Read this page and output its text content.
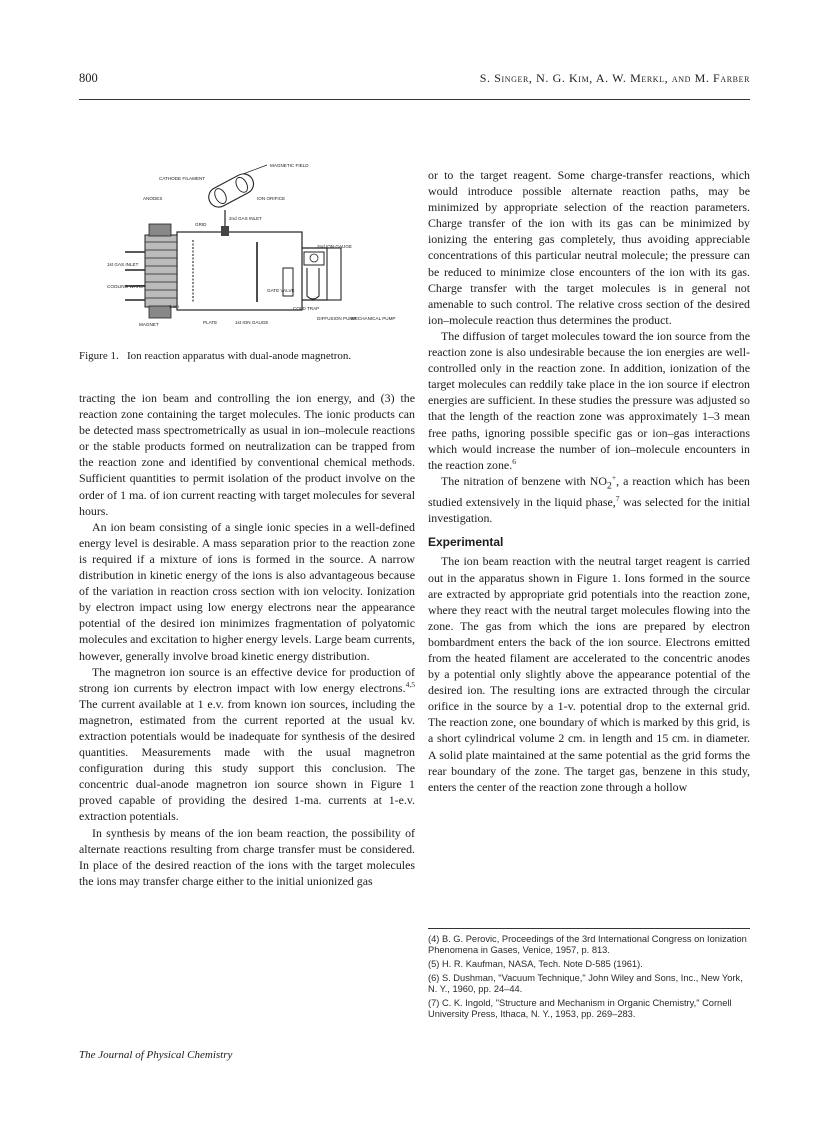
800	S. Singer, N. G. Kim, A. W. Merkl, and M. Farber
MAGNETIC FIELD
CATHODE FILAMENT
ANODES	ION ORIFICE
GRID
2nd GAS INLET
2nd ION GAUGE
1st GAS INLET
COOLING WATER
GATE VALVE
COLD TRAP
DIFFUSION PUMP
MECHANICAL PUMP
1 cm
MAGNET	PLATE	1st ION GAUGE
Figure 1. Ion reaction apparatus with dual-anode magnetron.

tracting the ion beam and controlling the ion energy, and (3) the reaction zone containing the target molecules. The ionic products can be detected mass spectrometrically as usual in ion–molecule reactions or the stable products formed on neutralization can be trapped from the reaction zone and identified by conventional chemical methods. Sufficient quantities to permit isolation of the product involve on the order of 1 ma. of ion current reacting with target molecules for several hours.

An ion beam consisting of a single ionic species in a well-defined energy level is desirable. A mass separation prior to the reaction zone is required if a mixture of ions is formed in the source. A narrow distribution in kinetic energy of the ions is also advantageous because of the variation in reaction cross section with ion velocity. Ionization by electron impact using low energy electrons near the appearance potential of the desired ion minimizes fragmentation of polyatomic molecules and excitation to higher energy levels. Large beam currents, however, generally involve broad kinetic energy distribution.

The magnetron ion source is an effective device for production of strong ion currents by electron impact with low energy electrons.$^{4,5}$ The current available at 1 e.v. from known ion sources, including the magnetron, estimated from the current reported at the usual kv. extraction potentials would be inadequate for synthesis of the desired quantities. Measurements made with the usual magnetron configuration during this study support this conclusion. The concentric dual-anode magnetron ion source shown in Figure 1 proved capable of providing the desired 1-ma. currents at 1-e.v. extraction potentials.

In synthesis by means of the ion beam reaction, the possibility of alternate reactions resulting from charge transfer must be considered. In place of the desired reaction of the ions with the target molecules the ions may transfer charge either to the initial unionized gas

or to the target reagent. Some charge-transfer reactions, which would introduce possible alternate reaction paths, may be minimized by appropriate selection of the reaction parameters. Charge transfer of the ion with its gas can be minimized by ionizing the entering gas completely, thus avoiding appreciable concentrations of this particular neutral molecule; the pressure can be reduced to minimize close encounters of the ion with its gas. Charge transfer with the target molecules is in general not amenable to such control. The relative cross section of the desired ion–molecule reaction thus determines the product.

The diffusion of target molecules toward the ion source from the reaction zone is also undesirable because the ion energies are well-controlled only in the reaction zone. In addition, ionization of the target molecules can reddily take place in the ion source if electron energies are sufficient. In these studies the pressure was adjusted so that the length of the reaction zone was approximately 1–3 mean free paths, ignoring possible specific gas or ion–gas interactions which would increase the number of ion–molecule encounters in the reaction zone.$^6$

The nitration of benzene with $NO_2^+$, a reaction which has been studied extensively in the liquid phase,$^7$ was selected for the initial investigation.

Experimental

The ion beam reaction with the neutral target reagent is carried out in the apparatus shown in Figure 1. Ions formed in the source are extracted by appropriate grid potentials into the reaction zone, where they react with the neutral target molecules flowing into the zone. The gas from which the ions are prepared by electron bombardment enters the back of the ion source. Electrons emitted from the heated filament are accelerated to the concentric anodes by a potential only slightly above the appearance potential of the desired ion. The resulting ions are extracted through the circular orifice in the source by a 1-v. potential drop to the external grid. The reaction zone, one boundary of which is marked by this grid, is a short cylindrical volume 2 cm. in length and 15 cm. in diameter. A solid plate maintained at the same potential as the grid forms the rear boundary of the zone. The target gas, benzene in this study, enters the center of the reaction zone through a hollow

(4) B. G. Perovic, Proceedings of the 3rd International Congress on Ionization Phenomena in Gases, Venice, 1957, p. 813.

(5) H. R. Kaufman, NASA, Tech. Note D-585 (1961).

(6) S. Dushman, "Vacuum Technique," John Wiley and Sons, Inc., New York, N. Y., 1960, pp. 24–44.

(7) C. K. Ingold, "Structure and Mechanism in Organic Chemistry," Cornell University Press, Ithaca, N. Y., 1953, pp. 269–283.

The Journal of Physical Chemistry
